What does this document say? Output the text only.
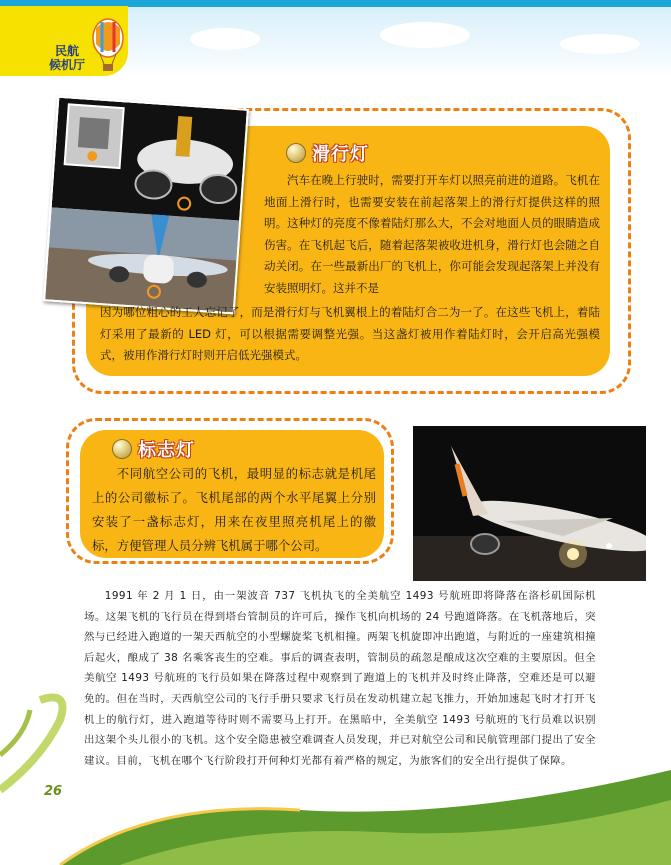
民航
候机厅
滑行灯

汽车在晚上行驶时，需要打开车灯以照亮前进的道路。飞机在地面上滑行时，也需要安装在前起落架上的滑行灯提供这样的照明。这种灯的亮度不像着陆灯那么大，不会对地面人员的眼睛造成伤害。在飞机起飞后，随着起落架被收进机身，滑行灯也会随之自动关闭。在一些最新出厂的飞机上，你可能会发现起落架上并没有安装照明灯。这并不是

标志灯

不同航空公司的飞机，最明显的标志就是机尾上的公司徽标了。飞机尾部的两个水平尾翼上分别安装了一盏标志灯，用来在夜里照亮机尾上的徽标，方便管理人员分辨飞机属于哪个公司。

1991 年 2 月 1 日，由一架波音 737 飞机执飞的全美航空 1493 号航班即将降落在洛杉矶国际机场。这架飞机的飞行员在得到塔台管制员的许可后，操作飞机向机场的 24 号跑道降落。在飞机落地后，突然与已经进入跑道的一架天西航空的小型螺旋桨飞机相撞。两架飞机旋即冲出跑道，与附近的一座建筑相撞后起火，酿成了 38 名乘客丧生的空难。事后的调查表明，管制员的疏忽是酿成这次空难的主要原因。但全美航空 1493 号航班的飞行员如果在降落过程中观察到了跑道上的飞机并及时终止降落，空难还是可以避免的。但在当时，天西航空公司的飞行手册只要求飞行员在发动机建立起飞推力，开始加速起飞时才打开飞机上的航行灯，进入跑道等待时则不需要马上打开。在黑暗中，全美航空 1493 号航班的飞行员难以识别出这架个头儿很小的飞机。这个安全隐患被空难调查人员发现，并已对航空公司和民航管理部门提出了安全建议。目前，飞机在哪个飞行阶段打开何种灯光都有着严格的规定，为旅客们的安全出行提供了保障。

26

因为哪位粗心的工人忘记了，而是滑行灯与飞机翼根上的着陆灯合二为一了。在这些飞机上，着陆灯采用了最新的 LED 灯，可以根据需要调整光强。当这盏灯被用作着陆灯时，会开启高光强模式，被用作滑行灯时则开启低光强模式。
